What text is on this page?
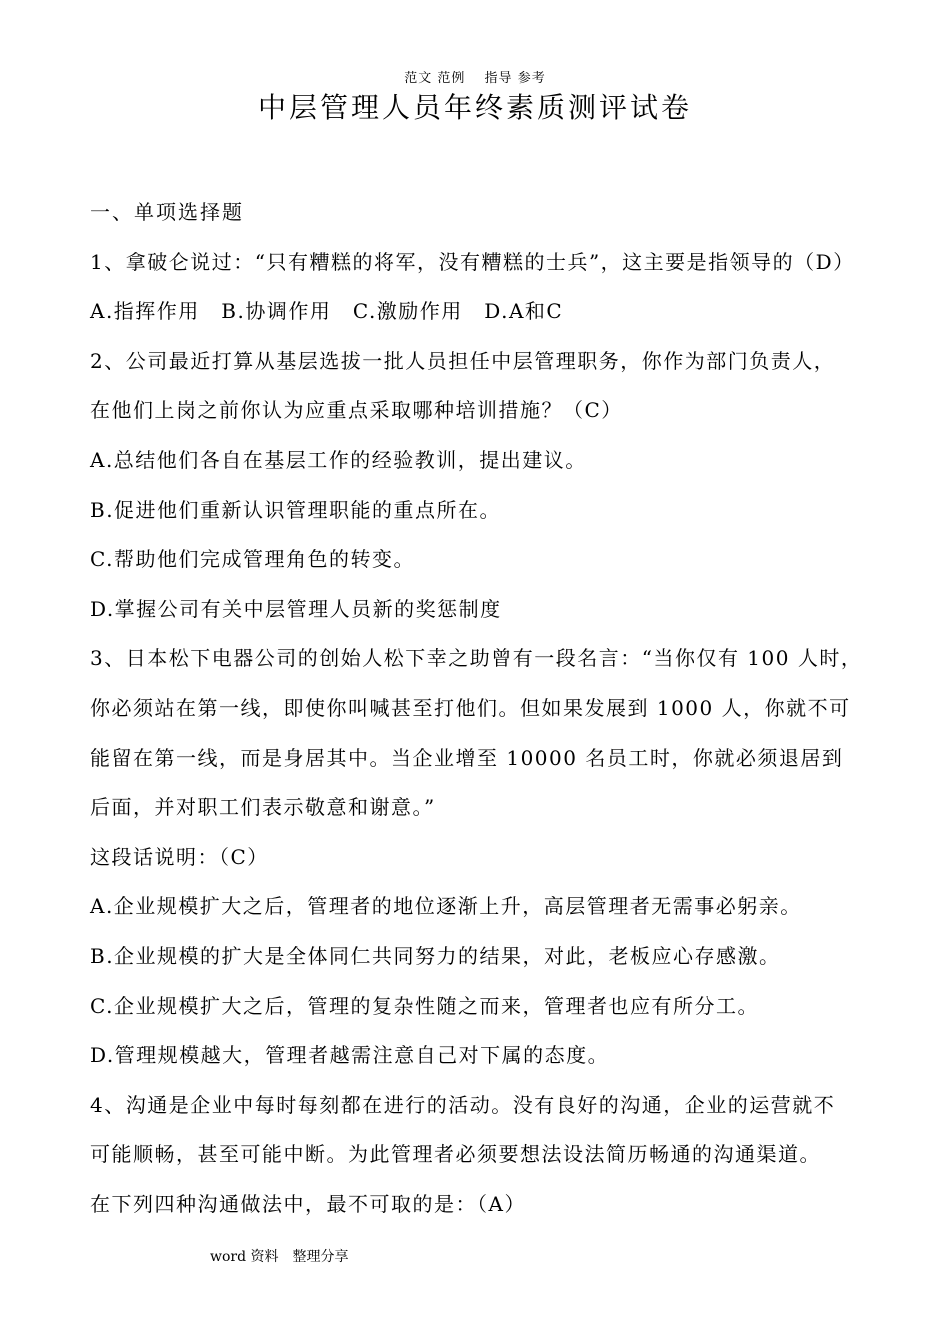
范文 范例　 指导 参考
中层管理人员年终素质测评试卷
一、单项选择题
1、拿破仑说过：“只有糟糕的将军，没有糟糕的士兵”，这主要是指领导的（D）
A.指挥作用　B.协调作用　C.激励作用　D.A和C
2、公司最近打算从基层选拔一批人员担任中层管理职务，你作为部门负责人，
在他们上岗之前你认为应重点采取哪种培训措施？（C）
A.总结他们各自在基层工作的经验教训，提出建议。
B.促进他们重新认识管理职能的重点所在。
C.帮助他们完成管理角色的转变。
D.掌握公司有关中层管理人员新的奖惩制度
3、日本松下电器公司的创始人松下幸之助曾有一段名言：“当你仅有 100 人时，
你必须站在第一线，即使你叫喊甚至打他们。但如果发展到 1000 人，你就不可
能留在第一线，而是身居其中。当企业增至 10000 名员工时，你就必须退居到
后面，并对职工们表示敬意和谢意。”
这段话说明：（C）
A.企业规模扩大之后，管理者的地位逐渐上升，高层管理者无需事必躬亲。
B.企业规模的扩大是全体同仁共同努力的结果，对此，老板应心存感激。
C.企业规模扩大之后，管理的复杂性随之而来，管理者也应有所分工。
D.管理规模越大，管理者越需注意自己对下属的态度。
4、沟通是企业中每时每刻都在进行的活动。没有良好的沟通，企业的运营就不
可能顺畅，甚至可能中断。为此管理者必须要想法设法简历畅通的沟通渠道。
在下列四种沟通做法中，最不可取的是：（A）
word 资料　整理分享
